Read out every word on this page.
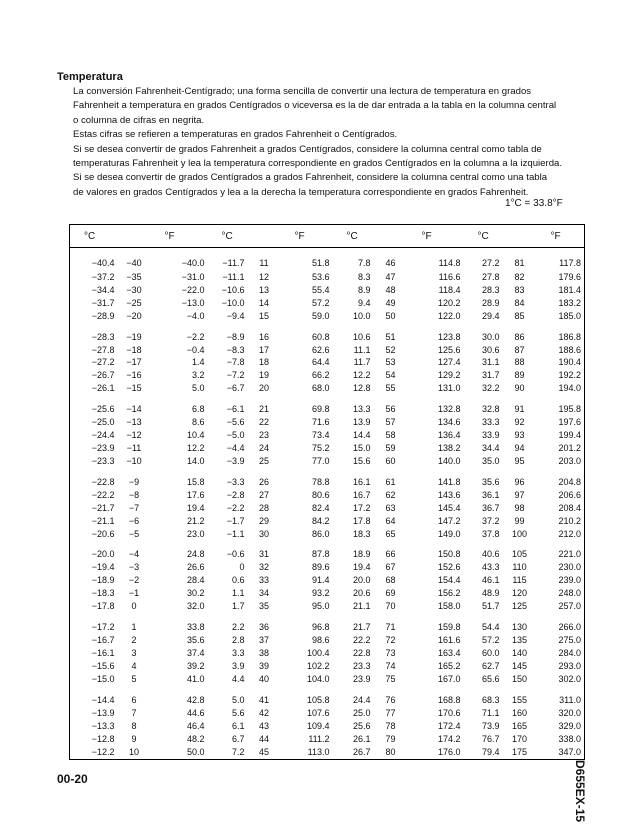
Temperatura
La conversión Fahrenheit-Centígrado; una forma sencilla de convertir una lectura de temperatura en grados
Fahrenheit a temperatura en grados Centígrados o viceversa es la de dar entrada a la tabla en la columna central
o columna de cifras en negrita.
Estas cifras se refieren a temperaturas en grados Fahrenheit o Centígrados.
Si se desea convertir de grados Fahrenheit a grados Centígrados, considere la columna central como tabla de
temperaturas Fahrenheit y lea la temperatura correspondiente en grados Centígrados en la columna a la izquierda.
Si se desea convertir de grados Centígrados a grados Fahrenheit, considere la columna central como una tabla
de valores en grados Centígrados y lea a la derecha la temperatura correspondiente en grados Fahrenheit.
1°C = 33.8°F
°C		°F	°C		°F	°C		°F	°C		°F
−40.4	−40	−40.0	−11.7	11	51.8	7.8	46	114.8	27.2	81	117.8
−37.2	−35	−31.0	−11.1	12	53.6	8.3	47	116.6	27.8	82	179.6
−34.4	−30	−22.0	−10.6	13	55.4	8.9	48	118.4	28.3	83	181.4
−31.7	−25	−13.0	−10.0	14	57.2	9.4	49	120.2	28.9	84	183.2
−28.9	−20	−4.0	−9.4	15	59.0	10.0	50	122.0	29.4	85	185.0

−28.3	−19	−2.2	−8.9	16	60.8	10.6	51	123.8	30.0	86	186.8
−27.8	−18	−0.4	−8.3	17	62.6	11.1	52	125.6	30.6	87	188.6
−27.2	−17	1.4	−7.8	18	64.4	11.7	53	127.4	31.1	88	190.4
−26.7	−16	3.2	−7.2	19	66.2	12.2	54	129.2	31.7	89	192.2
−26.1	−15	5.0	−6.7	20	68.0	12.8	55	131.0	32.2	90	194.0

−25.6	−14	6.8	−6.1	21	69.8	13.3	56	132.8	32.8	91	195.8
−25.0	−13	8.6	−5.6	22	71.6	13.9	57	134.6	33.3	92	197.6
−24.4	−12	10.4	−5.0	23	73.4	14.4	58	136.4	33.9	93	199.4
−23.9	−11	12.2	−4.4	24	75.2	15.0	59	138.2	34.4	94	201.2
−23.3	−10	14.0	−3.9	25	77.0	15.6	60	140.0	35.0	95	203.0

−22.8	−9	15.8	−3.3	26	78.8	16.1	61	141.8	35.6	96	204.8
−22.2	−8	17.6	−2.8	27	80.6	16.7	62	143.6	36.1	97	206.6
−21.7	−7	19.4	−2.2	28	82.4	17.2	63	145.4	36.7	98	208.4
−21.1	−6	21.2	−1.7	29	84.2	17.8	64	147.2	37.2	99	210.2
−20.6	−5	23.0	−1.1	30	86.0	18.3	65	149.0	37.8	100	212.0

−20.0	−4	24.8	−0.6	31	87.8	18.9	66	150.8	40.6	105	221.0
−19.4	−3	26.6	0	32	89.6	19.4	67	152.6	43.3	110	230.0
−18.9	−2	28.4	0.6	33	91.4	20.0	68	154.4	46.1	115	239.0
−18.3	−1	30.2	1.1	34	93.2	20.6	69	156.2	48.9	120	248.0
−17.8	0	32.0	1.7	35	95.0	21.1	70	158.0	51.7	125	257.0

−17.2	1	33.8	2.2	36	96.8	21.7	71	159.8	54.4	130	266.0
−16.7	2	35.6	2.8	37	98.6	22.2	72	161.6	57.2	135	275.0
−16.1	3	37.4	3.3	38	100.4	22.8	73	163.4	60.0	140	284.0
−15.6	4	39.2	3.9	39	102.2	23.3	74	165.2	62.7	145	293.0
−15.0	5	41.0	4.4	40	104.0	23.9	75	167.0	65.6	150	302.0

−14.4	6	42.8	5.0	41	105.8	24.4	76	168.8	68.3	155	311.0
−13.9	7	44.6	5.6	42	107.6	25.0	77	170.6	71.1	160	320.0
−13.3	8	46.4	6.1	43	109.4	25.6	78	172.4	73.9	165	329.0
−12.8	9	48.2	6.7	44	111.2	26.1	79	174.2	76.7	170	338.0
−12.2	10	50.0	7.2	45	113.0	26.7	80	176.0	79.4	175	347.0
00-20	D655EX-15
